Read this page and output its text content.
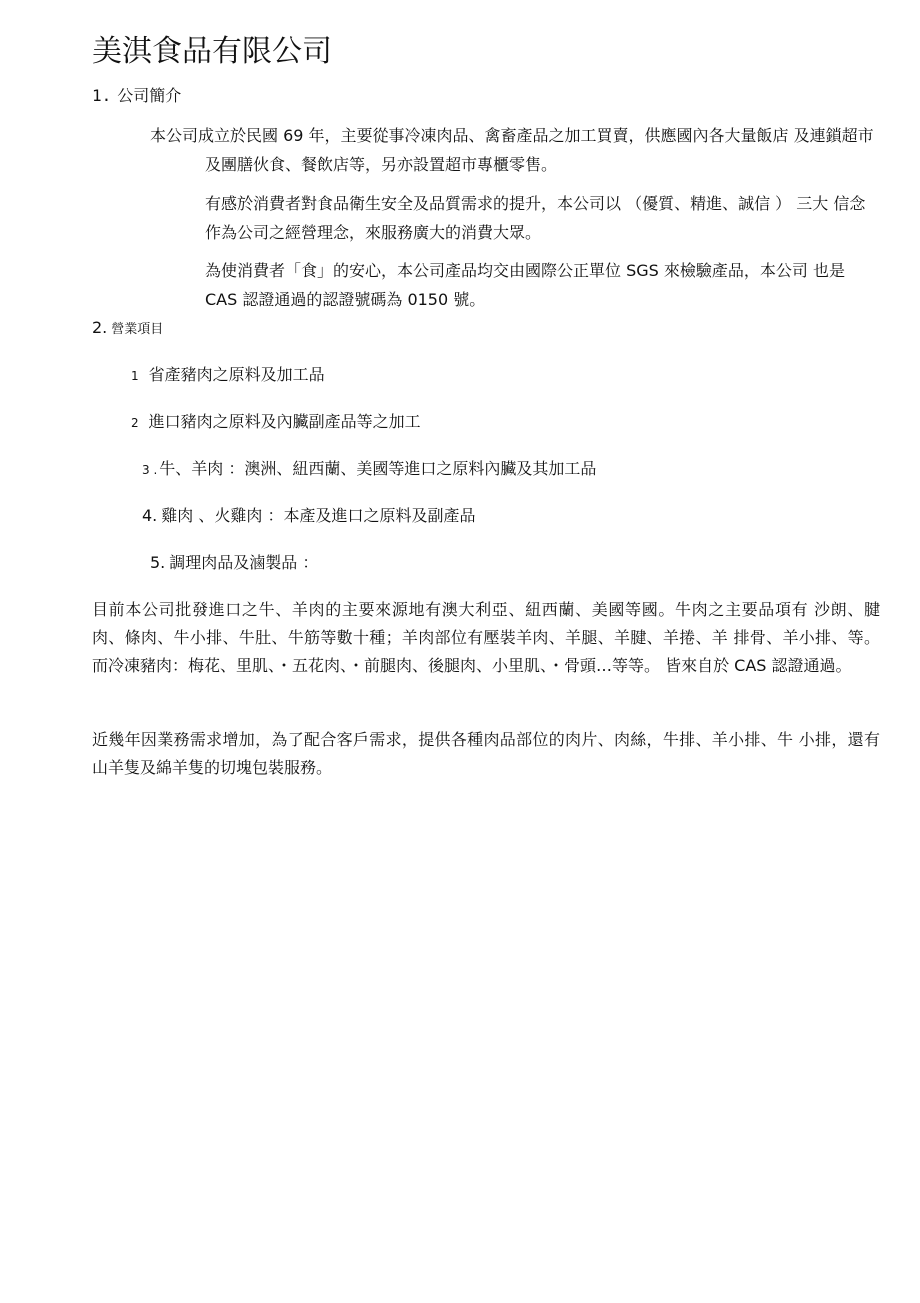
美淇食品有限公司
1. 公司簡介
本公司成立於民國 69 年，主要從事冷凍肉品、禽畜產品之加工買賣，供應國內各大量飯店 及連鎖超市及團膳伙食、餐飲店等，另亦設置超市專櫃零售。
有感於消費者對食品衛生安全及品質需求的提升，本公司以 （優質、精進、誠信 ） 三大 信念作為公司之經營理念，來服務廣大的消費大眾。
為使消費者「食」的安心，本公司產品均交由國際公正單位 SGS 來檢驗產品，本公司 也是 CAS 認證通過的認證號碼為 0150 號。
2. 營業項目
1 省產豬肉之原料及加工品
2 進口豬肉之原料及內臟副產品等之加工
3 . 牛、羊肉 ：澳洲、紐西蘭、美國等進口之原料內臟及其加工品
4. 雞肉 、火雞肉 ：本產及進口之原料及副產品
5. 調理肉品及滷製品 ：
目前本公司批發進口之牛、羊肉的主要來源地有澳大利亞、紐西蘭、美國等國。牛肉之主要品項有 沙朗、腱肉、條肉、牛小排、牛肚、牛筋等數十種；羊肉部位有壓裝羊肉、羊腿、羊腱、羊捲、羊 排骨、羊小排、等。而冷凍豬肉：梅花、里肌、・五花肉、・前腿肉、後腿肉、小里肌、・骨頭…等等。 皆來自於 CAS 認證通過。
近幾年因業務需求增加，為了配合客戶需求，提供各種肉品部位的肉片、肉絲，牛排、羊小排、牛 小排，還有山羊隻及綿羊隻的切塊包裝服務。
